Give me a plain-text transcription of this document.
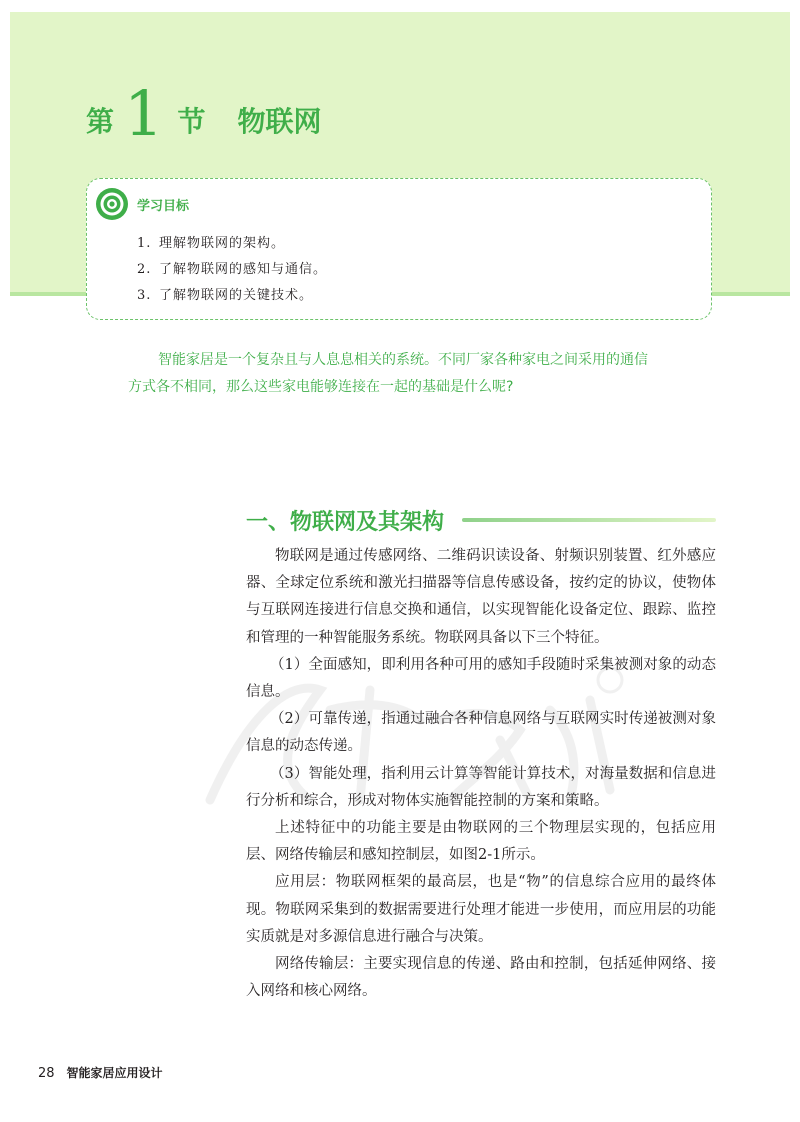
第 1 节 物联网
学习目标
1. 理解物联网的架构。
2. 了解物联网的感知与通信。
3. 了解物联网的关键技术。

智能家居是一个复杂且与人息息相关的系统。不同厂家各种家电之间采用的通信

方式各不相同，那么这些家电能够连接在一起的基础是什么呢?

一、物联网及其架构

物联网是通过传感网络、二维码识读设备、射频识别装置、红外感应器、全球定位系统和激光扫描器等信息传感设备，按约定的协议，使物体与互联网连接进行信息交换和通信，以实现智能化设备定位、跟踪、监控和管理的一种智能服务系统。物联网具备以下三个特征。

（1）全面感知，即利用各种可用的感知手段随时采集被测对象的动态信息。

（2）可靠传递，指通过融合各种信息网络与互联网实时传递被测对象信息的动态传递。

（3）智能处理，指利用云计算等智能计算技术，对海量数据和信息进行分析和综合，形成对物体实施智能控制的方案和策略。

上述特征中的功能主要是由物联网的三个物理层实现的，包括应用层、网络传输层和感知控制层，如图2-1所示。

应用层：物联网框架的最高层，也是“物”的信息综合应用的最终体现。物联网采集到的数据需要进行处理才能进一步使用，而应用层的功能实质就是对多源信息进行融合与决策。

网络传输层：主要实现信息的传递、路由和控制，包括延伸网络、接入网络和核心网络。

28 智能家居应用设计
